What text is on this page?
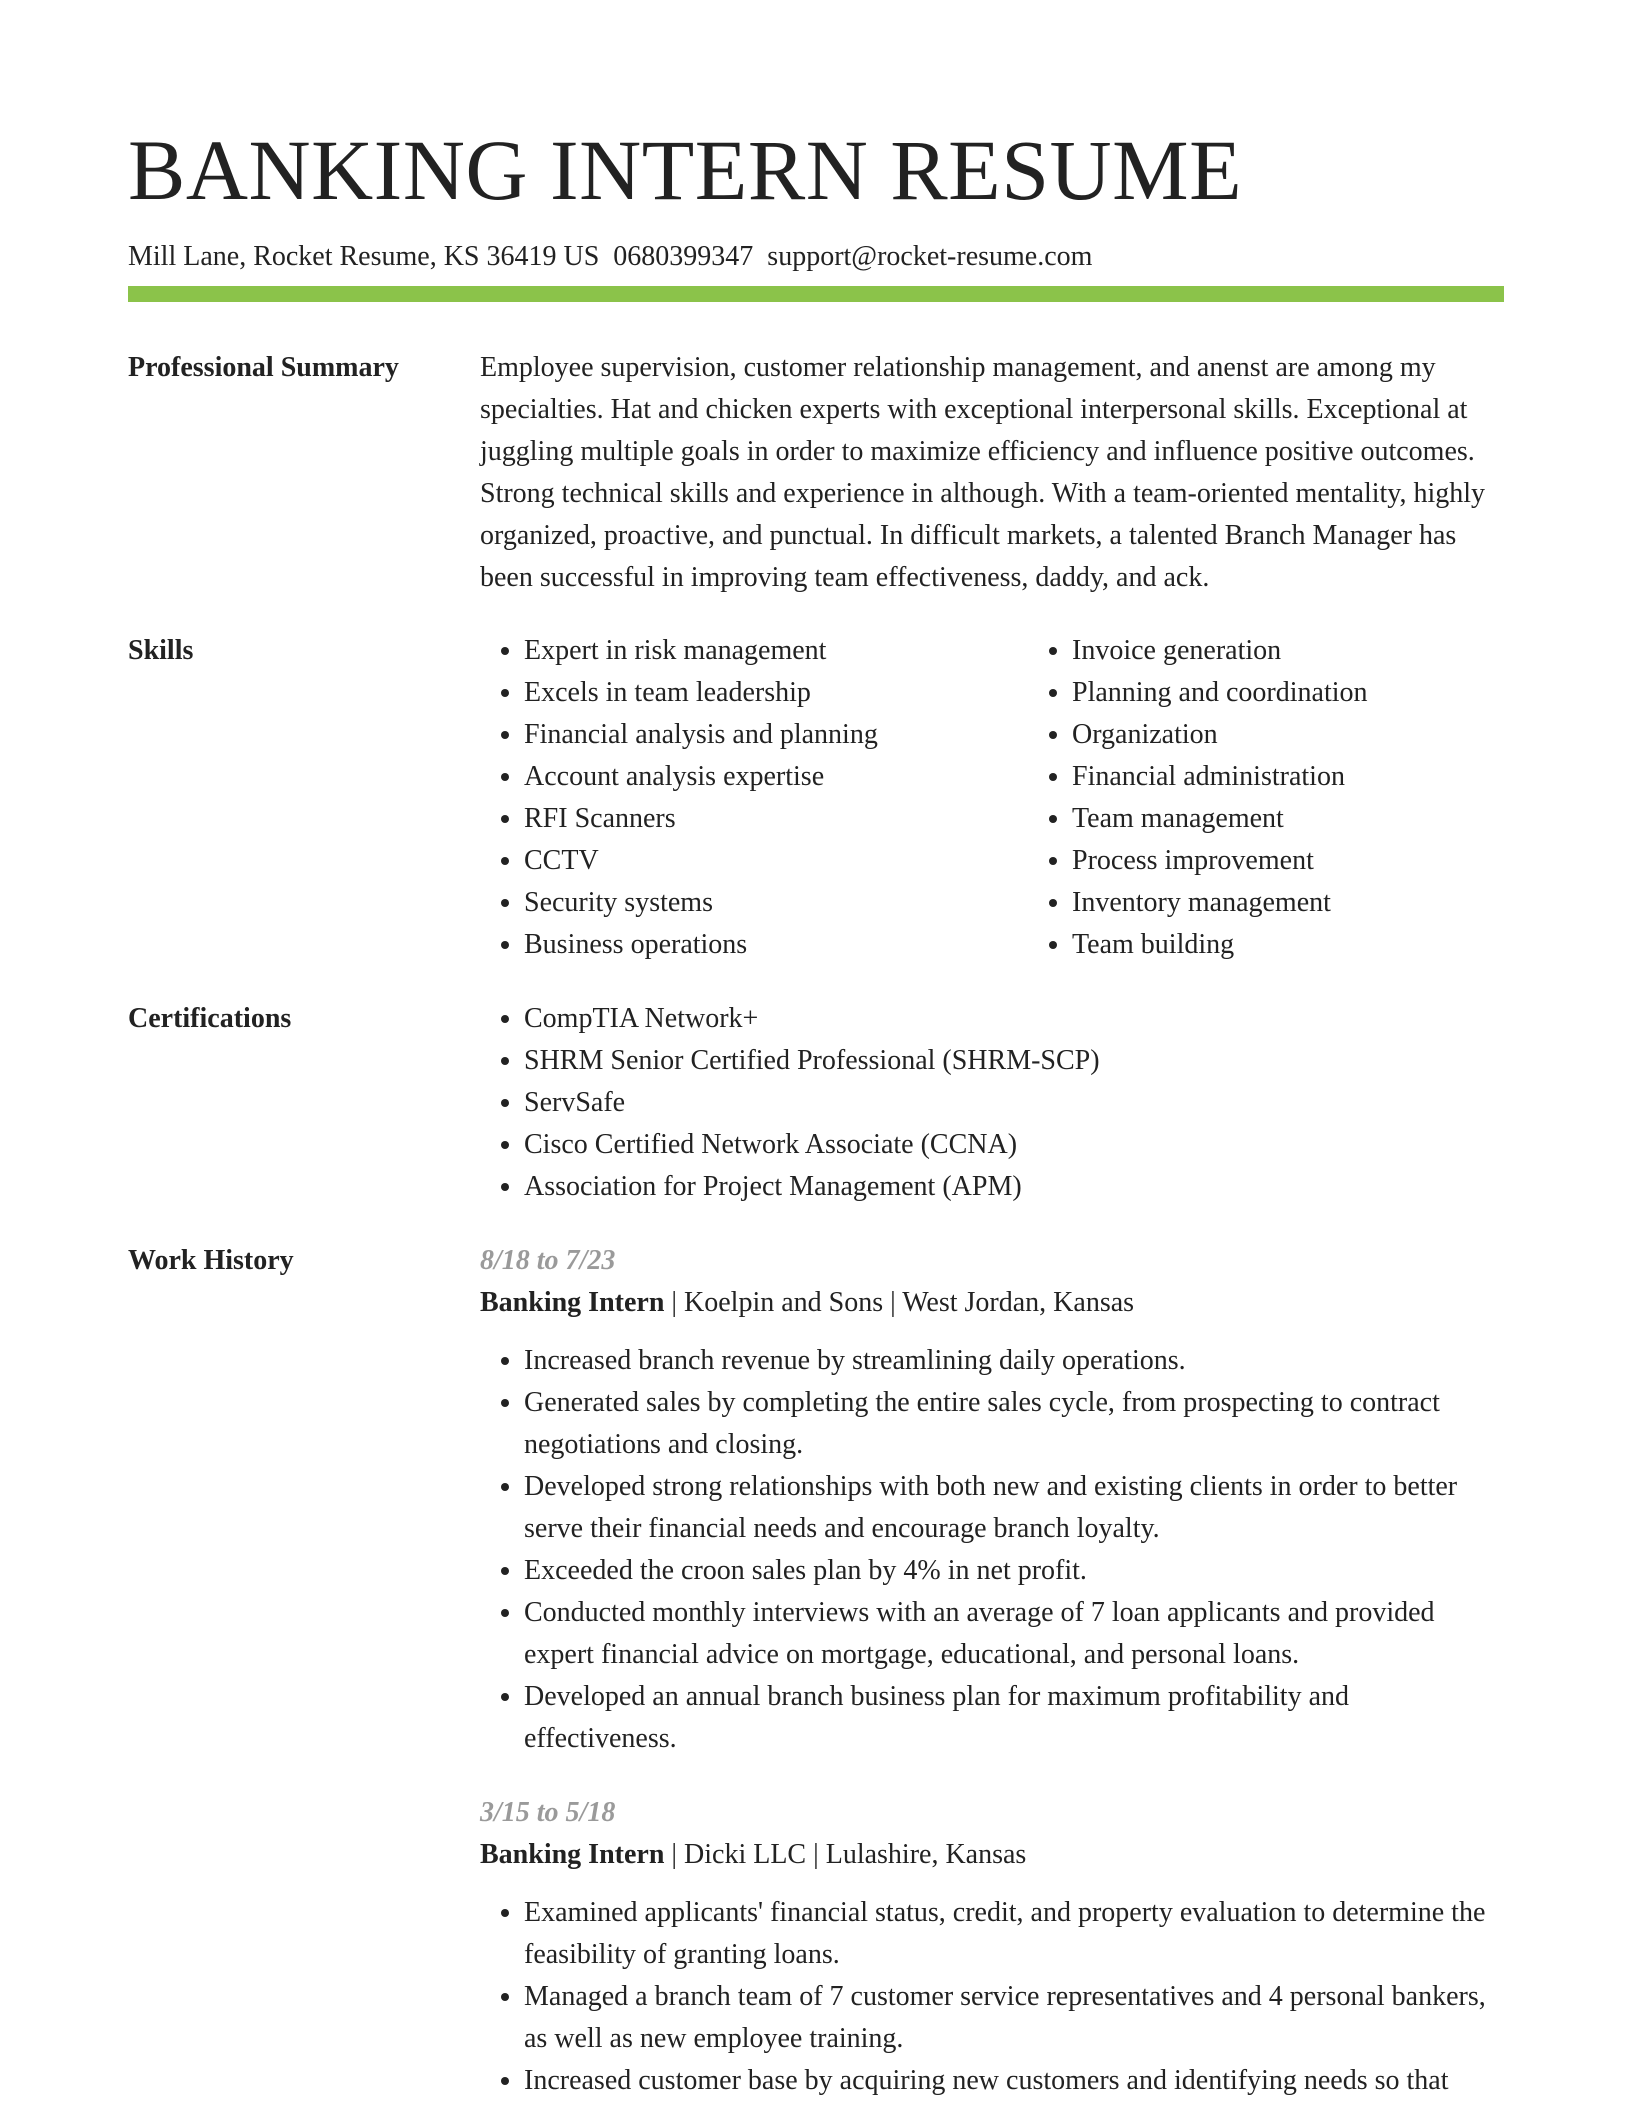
BANKING INTERN RESUME
Mill Lane, Rocket Resume, KS 36419 US 0680399347 support@rocket-resume.com
Professional Summary	Employee supervision, customer relationship management, and anenst are among my specialties. Hat and chicken experts with exceptional interpersonal skills. Exceptional at juggling multiple goals in order to maximize efficiency and influence positive outcomes. Strong technical skills and experience in although. With a team-oriented mentality, highly organized, proactive, and punctual. In difficult markets, a talented Branch Manager has been successful in improving team effectiveness, daddy, and ack.

Skills	• Expert in risk management
• Excels in team leadership
• Financial analysis and planning
• Account analysis expertise
• RFI Scanners
• CCTV
• Security systems
• Business operations
• Invoice generation
• Planning and coordination
• Organization
• Financial administration
• Team management
• Process improvement
• Inventory management
• Team building
Certifications	• CompTIA Network+
• SHRM Senior Certified Professional (SHRM-SCP)
• ServSafe
• Cisco Certified Network Associate (CCNA)
• Association for Project Management (APM)
Work History	8/18 to 7/23
Banking Intern | Koelpin and Sons | West Jordan, Kansas
• Increased branch revenue by streamlining daily operations.
• Generated sales by completing the entire sales cycle, from prospecting to contract negotiations and closing.
• Developed strong relationships with both new and existing clients in order to better serve their financial needs and encourage branch loyalty.
• Exceeded the croon sales plan by 4% in net profit.
• Conducted monthly interviews with an average of 7 loan applicants and provided expert financial advice on mortgage, educational, and personal loans.
• Developed an annual branch business plan for maximum profitability and effectiveness.
3/15 to 5/18
Banking Intern | Dicki LLC | Lulashire, Kansas
• Examined applicants' financial status, credit, and property evaluation to determine the feasibility of granting loans.
• Managed a branch team of 7 customer service representatives and 4 personal bankers, as well as new employee training.
• Increased customer base by acquiring new customers and identifying needs so that
